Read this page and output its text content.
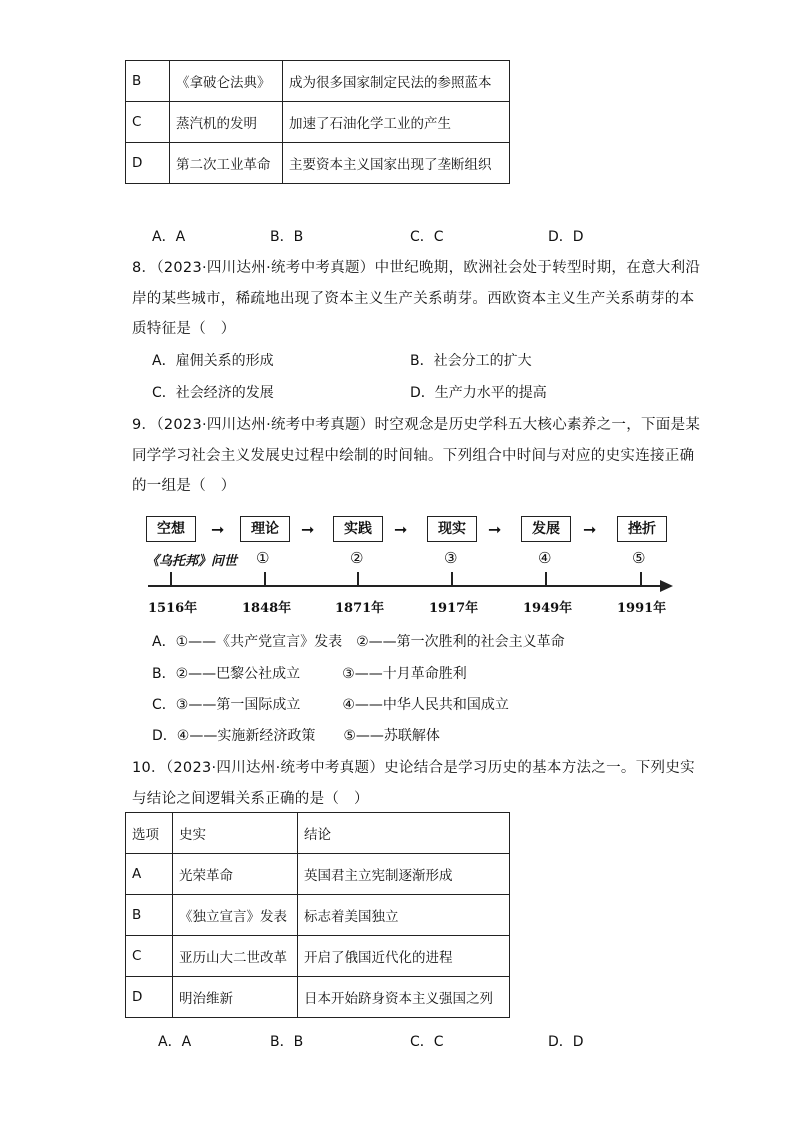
B	《拿破仑法典》	成为很多国家制定民法的参照蓝本
C	蒸汽机的发明	加速了石油化学工业的产生
D	第二次工业革命	主要资本主义国家出现了垄断组织
A．A	B．B	C．C	D．D
8．（2023·四川达州·统考中考真题）中世纪晚期，欧洲社会处于转型时期，在意大利沿
岸的某些城市，稀疏地出现了资本主义生产关系萌芽。西欧资本主义生产关系萌芽的本
质特征是（　）
A．雇佣关系的形成	B．社会分工的扩大
C．社会经济的发展	D．生产力水平的提高
9．（2023·四川达州·统考中考真题）时空观念是历史学科五大核心素养之一，下面是某
同学学习社会主义发展史过程中绘制的时间轴。下列组合中时间与对应的史实连接正确
的一组是（　）
空想	➞	理论	➞	实践	➞	现实	➞	发展	➞	挫折
《乌托邦》问世 ①	②	③	④	⑤
1516年	1848年	1871年	1917年	1949年	1991年
A．①——《共产党宣言》发表　②——第一次胜利的社会主义革命
B．②——巴黎公社成立　　　③——十月革命胜利
C．③——第一国际成立　　　④——中华人民共和国成立
D．④——实施新经济政策　　⑤——苏联解体
10．（2023·四川达州·统考中考真题）史论结合是学习历史的基本方法之一。下列史实
与结论之间逻辑关系正确的是（　）
选项	史实	结论
A	光荣革命	英国君主立宪制逐渐形成
B	《独立宣言》发表	标志着美国独立
C	亚历山大二世改革	开启了俄国近代化的进程
D	明治维新	日本开始跻身资本主义强国之列
A．A	B．B	C．C	D．D
